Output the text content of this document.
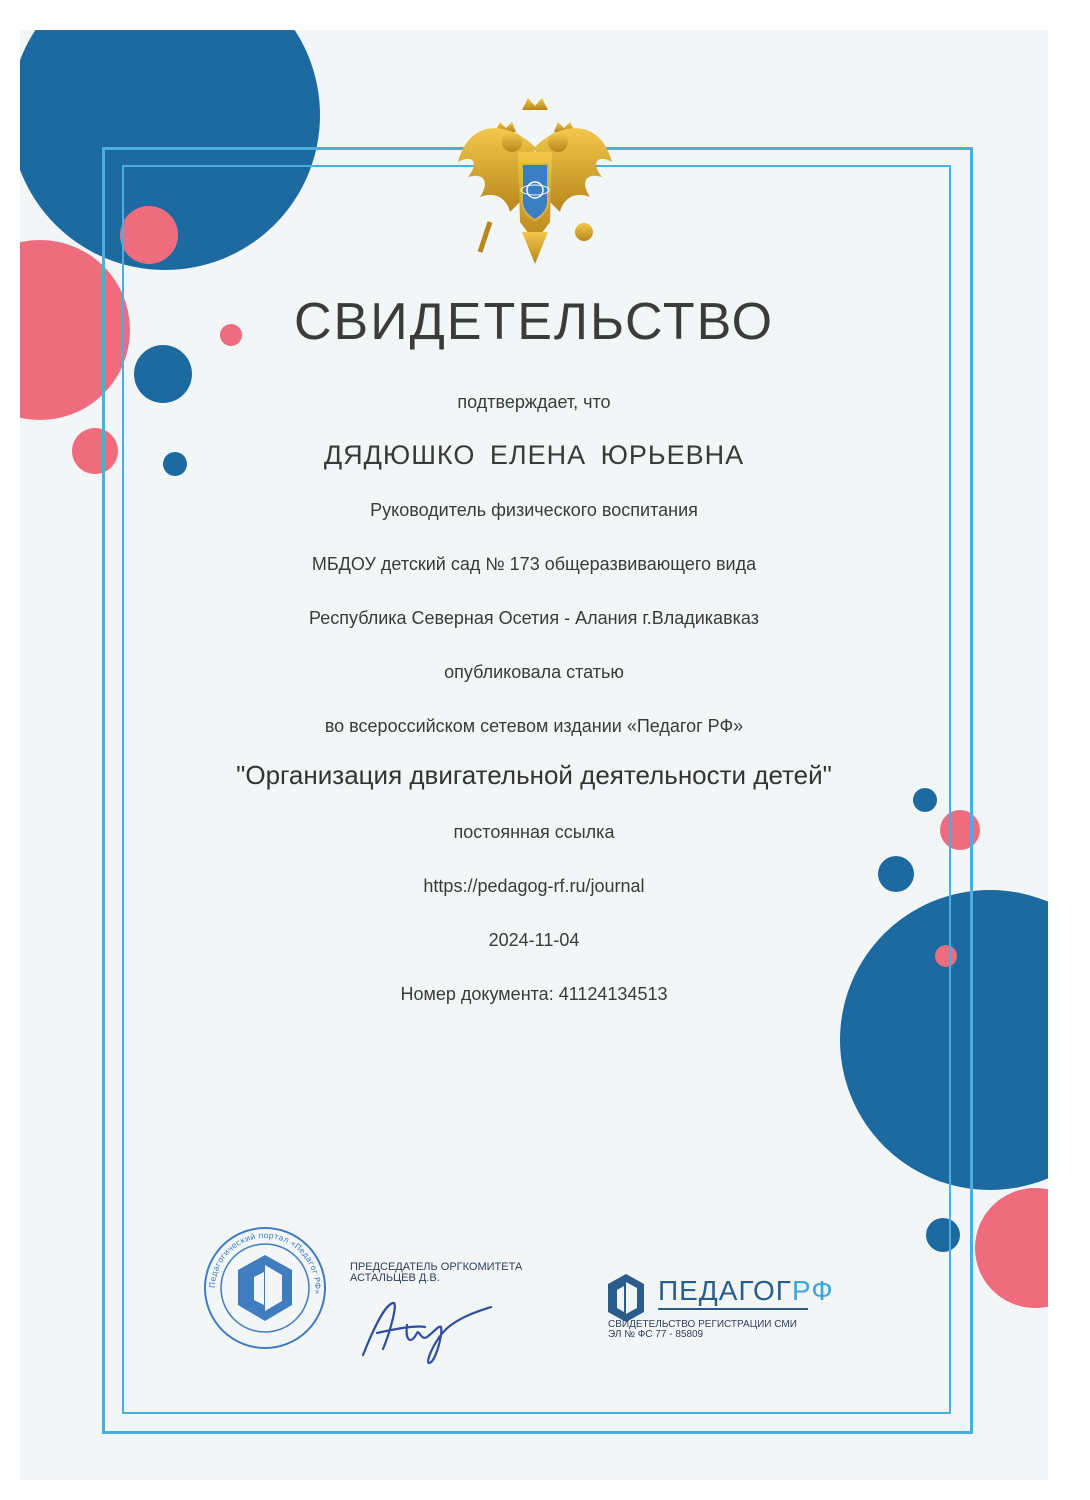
СВИДЕТЕЛЬСТВО
подтверждает, что
ДЯДЮШКО ЕЛЕНА ЮРЬЕВНА
Руководитель физического воспитания
МБДОУ детский сад № 173 общеразвивающего вида
Республика Северная Осетия - Алания г.Владикавказ
опубликовала статью
во всероссийском сетевом издании «Педагог РФ»
"Организация двигательной деятельности детей"
постоянная ссылка
https://pedagog-rf.ru/journal
2024-11-04
Номер документа: 41124134513
Педагогический портал «Педагог РФ»
ПРЕДСЕДАТЕЛЬ ОРГКОМИТЕТА
АСТАЛЬЦЕВ Д.В.	ПЕДАГОГРФ
СВИДЕТЕЛЬСТВО РЕГИСТРАЦИИ СМИ
ЭЛ № ФС 77 - 85809
